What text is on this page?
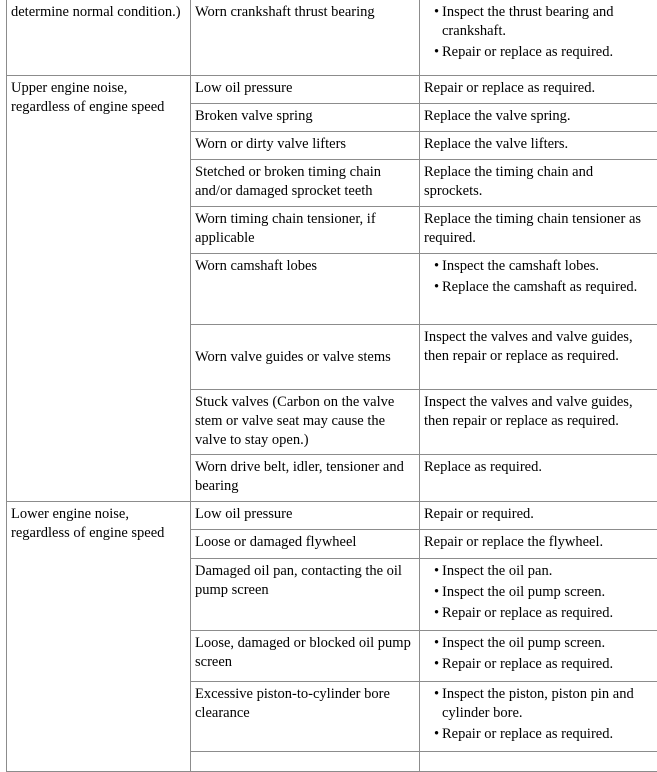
determine normal condition.)	Worn crankshaft thrust bearing	• Inspect the thrust bearing and crankshaft.
• Repair or replace as required.

Upper engine noise, regardless of engine speed	Low oil pressure	Repair or replace as required.

	Broken valve spring	Replace the valve spring.

	Worn or dirty valve lifters	Replace the valve lifters.

	Stetched or broken timing chain and/or damaged sprocket teeth	Replace the timing chain and sprockets.

	Worn timing chain tensioner, if applicable	Replace the timing chain tensioner as required.

	Worn camshaft lobes	• Inspect the camshaft lobes.
• Replace the camshaft as required.

	Worn valve guides or valve stems	Inspect the valves and valve guides, then repair or replace as required.

	Stuck valves (Carbon on the valve stem or valve seat may cause the valve to stay open.)	Inspect the valves and valve guides, then repair or replace as required.

	Worn drive belt, idler, tensioner and bearing	Replace as required.

Lower engine noise, regardless of engine speed	Low oil pressure	Repair or required.

	Loose or damaged flywheel	Repair or replace the flywheel.

	Damaged oil pan, contacting the oil pump screen	• Inspect the oil pan.
• Inspect the oil pump screen.
• Repair or replace as required.

	Loose, damaged or blocked oil pump screen	• Inspect the oil pump screen.
• Repair or replace as required.

	Excessive piston-to-cylinder bore clearance	• Inspect the piston, piston pin and cylinder bore.
• Repair or replace as required.
